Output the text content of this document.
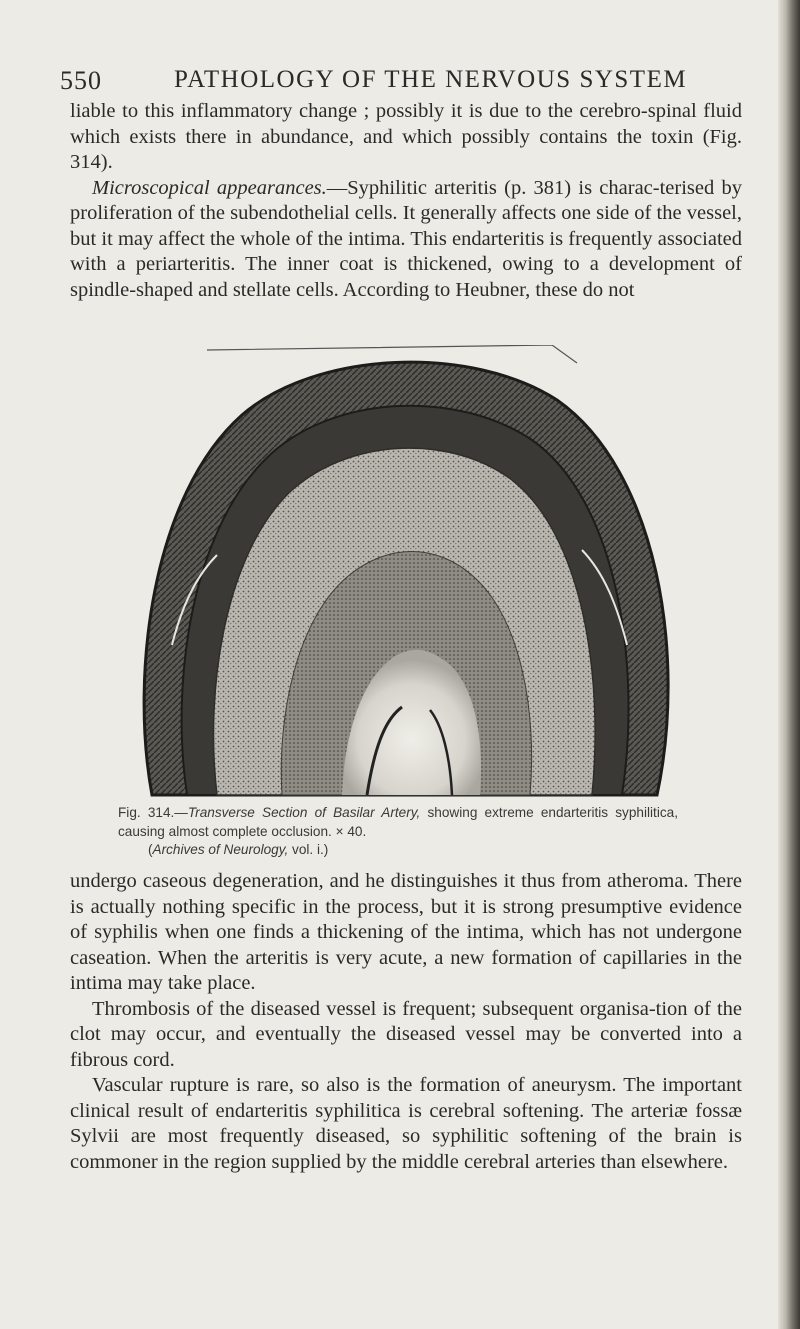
550	PATHOLOGY OF THE NERVOUS SYSTEM

liable to this inflammatory change ; possibly it is due to the cerebro-spinal fluid which exists there in abundance, and which possibly contains the toxin (Fig. 314).

Microscopical appearances.—Syphilitic arteritis (p. 381) is charac-terised by proliferation of the subendothelial cells. It generally affects one side of the vessel, but it may affect the whole of the intima. This endarteritis is frequently associated with a periarteritis. The inner coat is thickened, owing to a development of spindle-shaped and stellate cells. According to Heubner, these do not

Fig. 314.—Transverse Section of Basilar Artery, showing extreme endarteritis syphilitica, causing almost complete occlusion. × 40.

(Archives of Neurology, vol. i.)

undergo caseous degeneration, and he distinguishes it thus from atheroma. There is actually nothing specific in the process, but it is strong presumptive evidence of syphilis when one finds a thickening of the intima, which has not undergone caseation. When the arteritis is very acute, a new formation of capillaries in the intima may take place.

Thrombosis of the diseased vessel is frequent; subsequent organisa-tion of the clot may occur, and eventually the diseased vessel may be converted into a fibrous cord.

Vascular rupture is rare, so also is the formation of aneurysm. The important clinical result of endarteritis syphilitica is cerebral softening. The arteriæ fossæ Sylvii are most frequently diseased, so syphilitic softening of the brain is commoner in the region supplied by the middle cerebral arteries than elsewhere.
